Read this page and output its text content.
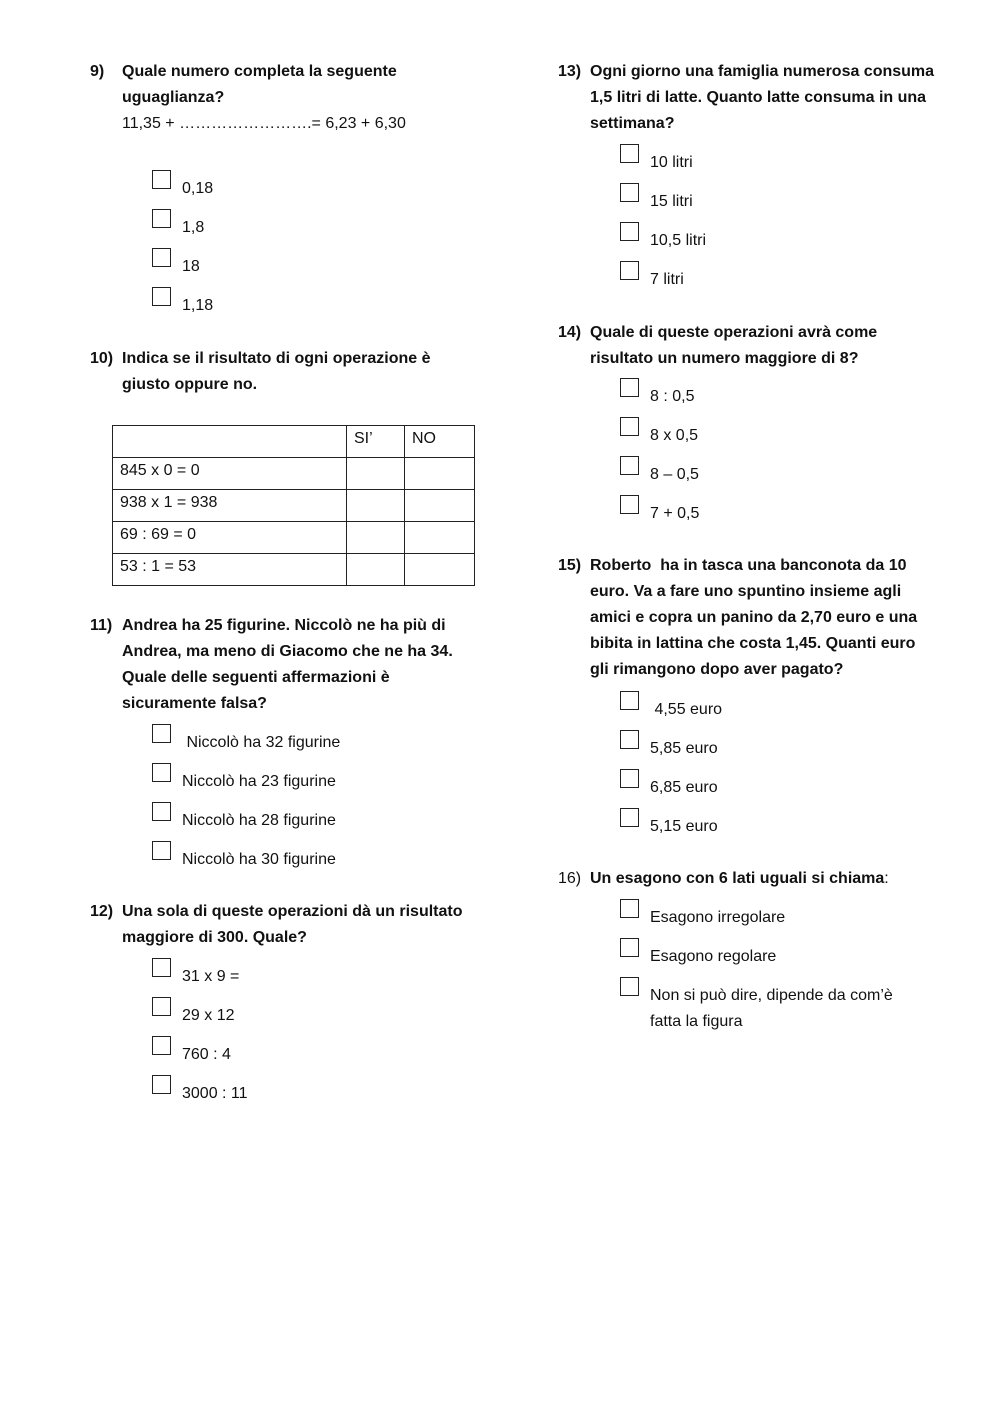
9)	Quale numero completa la seguente uguaglianza?
11,35 + …………………….= 6,23 + 6,30
0,18
1,8
18
1,18
10) Indica se il risultato di ogni operazione è giusto oppure no.
	SI’	NO
845 x 0 = 0		
938 x 1 = 938		
69 : 69 = 0		
53 : 1 = 53		
11) Andrea ha 25 figurine. Niccolò ne ha più di Andrea, ma meno di Giacomo che ne ha 34. Quale delle seguenti affermazioni è sicuramente falsa?
Niccolò ha 32 figurine
Niccolò ha 23 figurine
Niccolò ha 28 figurine
Niccolò ha 30 figurine
12) Una sola di queste operazioni dà un risultato maggiore di 300. Quale?
31 x 9 =
29 x 12
760 : 4
3000 : 11
13) Ogni giorno una famiglia numerosa consuma 1,5 litri di latte. Quanto latte consuma in una settimana?
10 litri
15 litri
10,5 litri
7 litri
14) Quale di queste operazioni avrà come risultato un numero maggiore di 8?
8 : 0,5
8 x 0,5
8 – 0,5
7 + 0,5
15) Roberto  ha in tasca una banconota da 10 euro. Va a fare uno spuntino insieme agli amici e copra un panino da 2,70 euro e una bibita in lattina che costa 1,45. Quanti euro gli rimangono dopo aver pagato?
4,55 euro
5,85 euro
6,85 euro
5,15 euro
16) Un esagono con 6 lati uguali si chiama:
Esagono irregolare
Esagono regolare
Non si può dire, dipende da com’è fatta la figura
